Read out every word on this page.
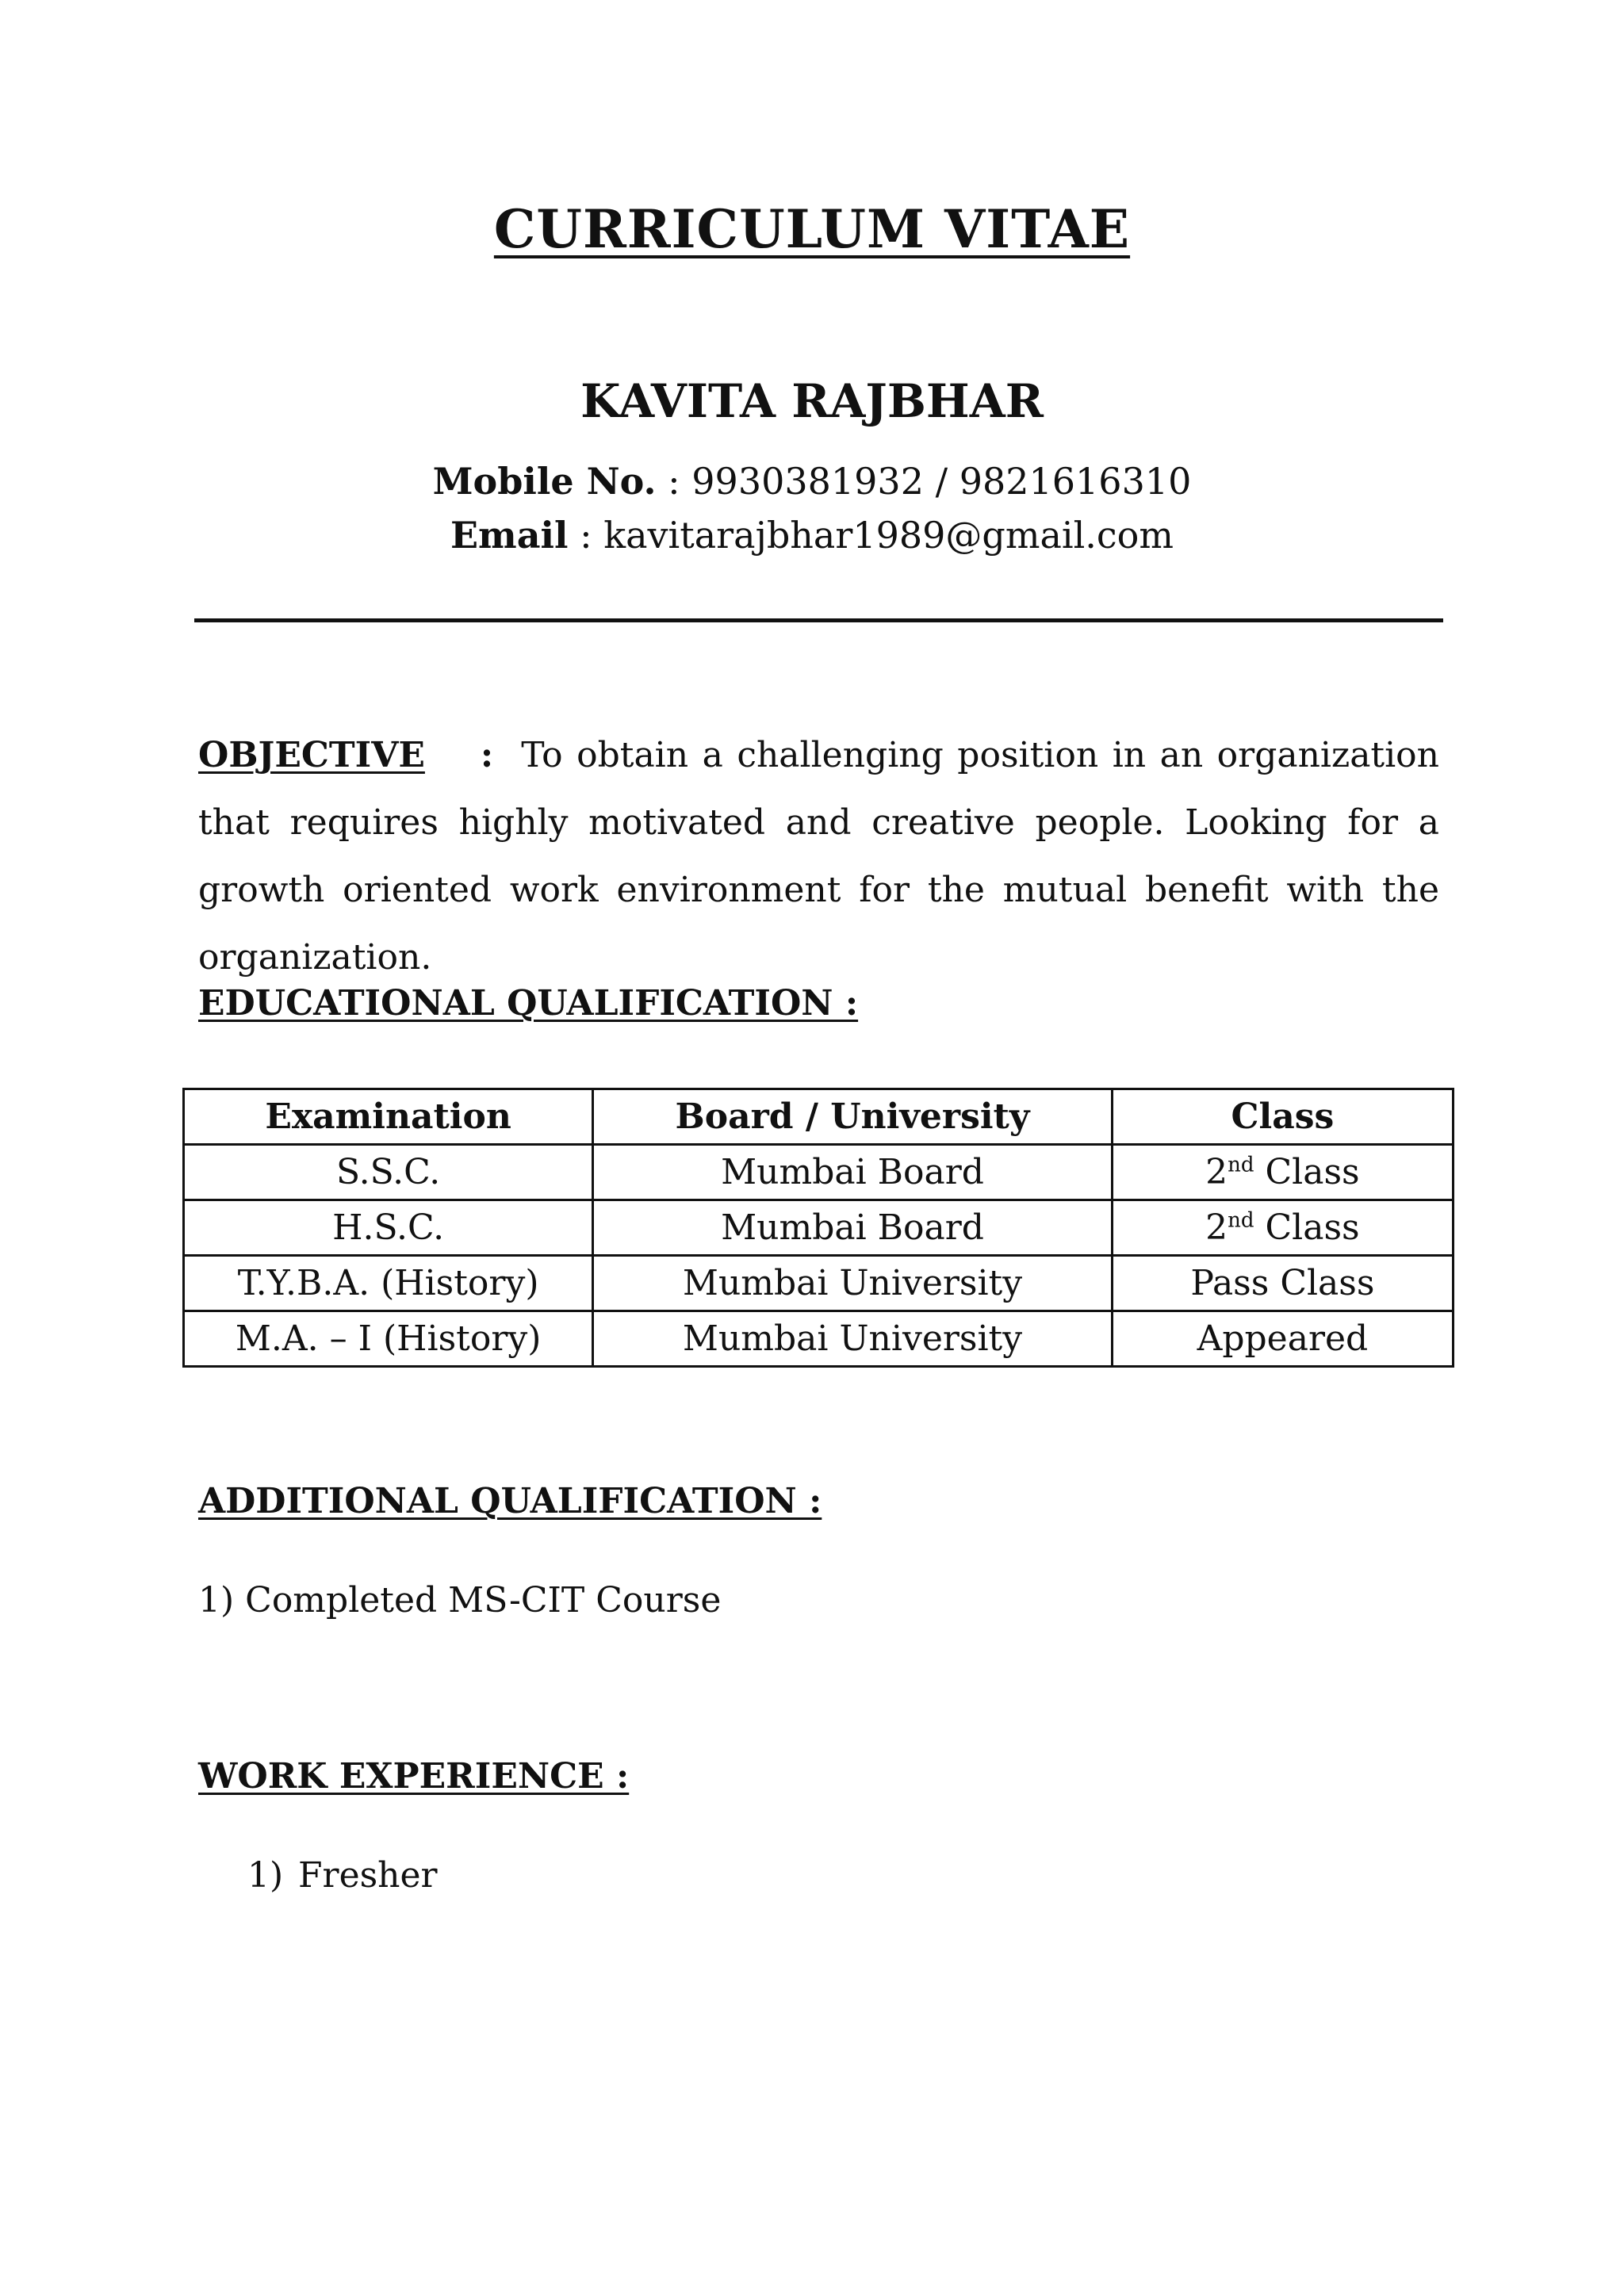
CURRICULUM VITAE
KAVITA RAJBHAR
Mobile No. : 9930381932 / 9821616310
Email : kavitarajbhar1989@gmail.com
OBJECTIVE : To obtain a challenging position in an organization that requires highly motivated and creative people. Looking for a growth oriented work environment for the mutual benefit with the organization.
EDUCATIONAL QUALIFICATION :
Examination	Board / University	Class
S.S.C.	Mumbai Board	2nd Class
H.S.C.	Mumbai Board	2nd Class
T.Y.B.A. (History)	Mumbai University	Pass Class
M.A. – I (History)	Mumbai University	Appeared
ADDITIONAL QUALIFICATION :
1) Completed MS-CIT Course
WORK EXPERIENCE :
1) Fresher
